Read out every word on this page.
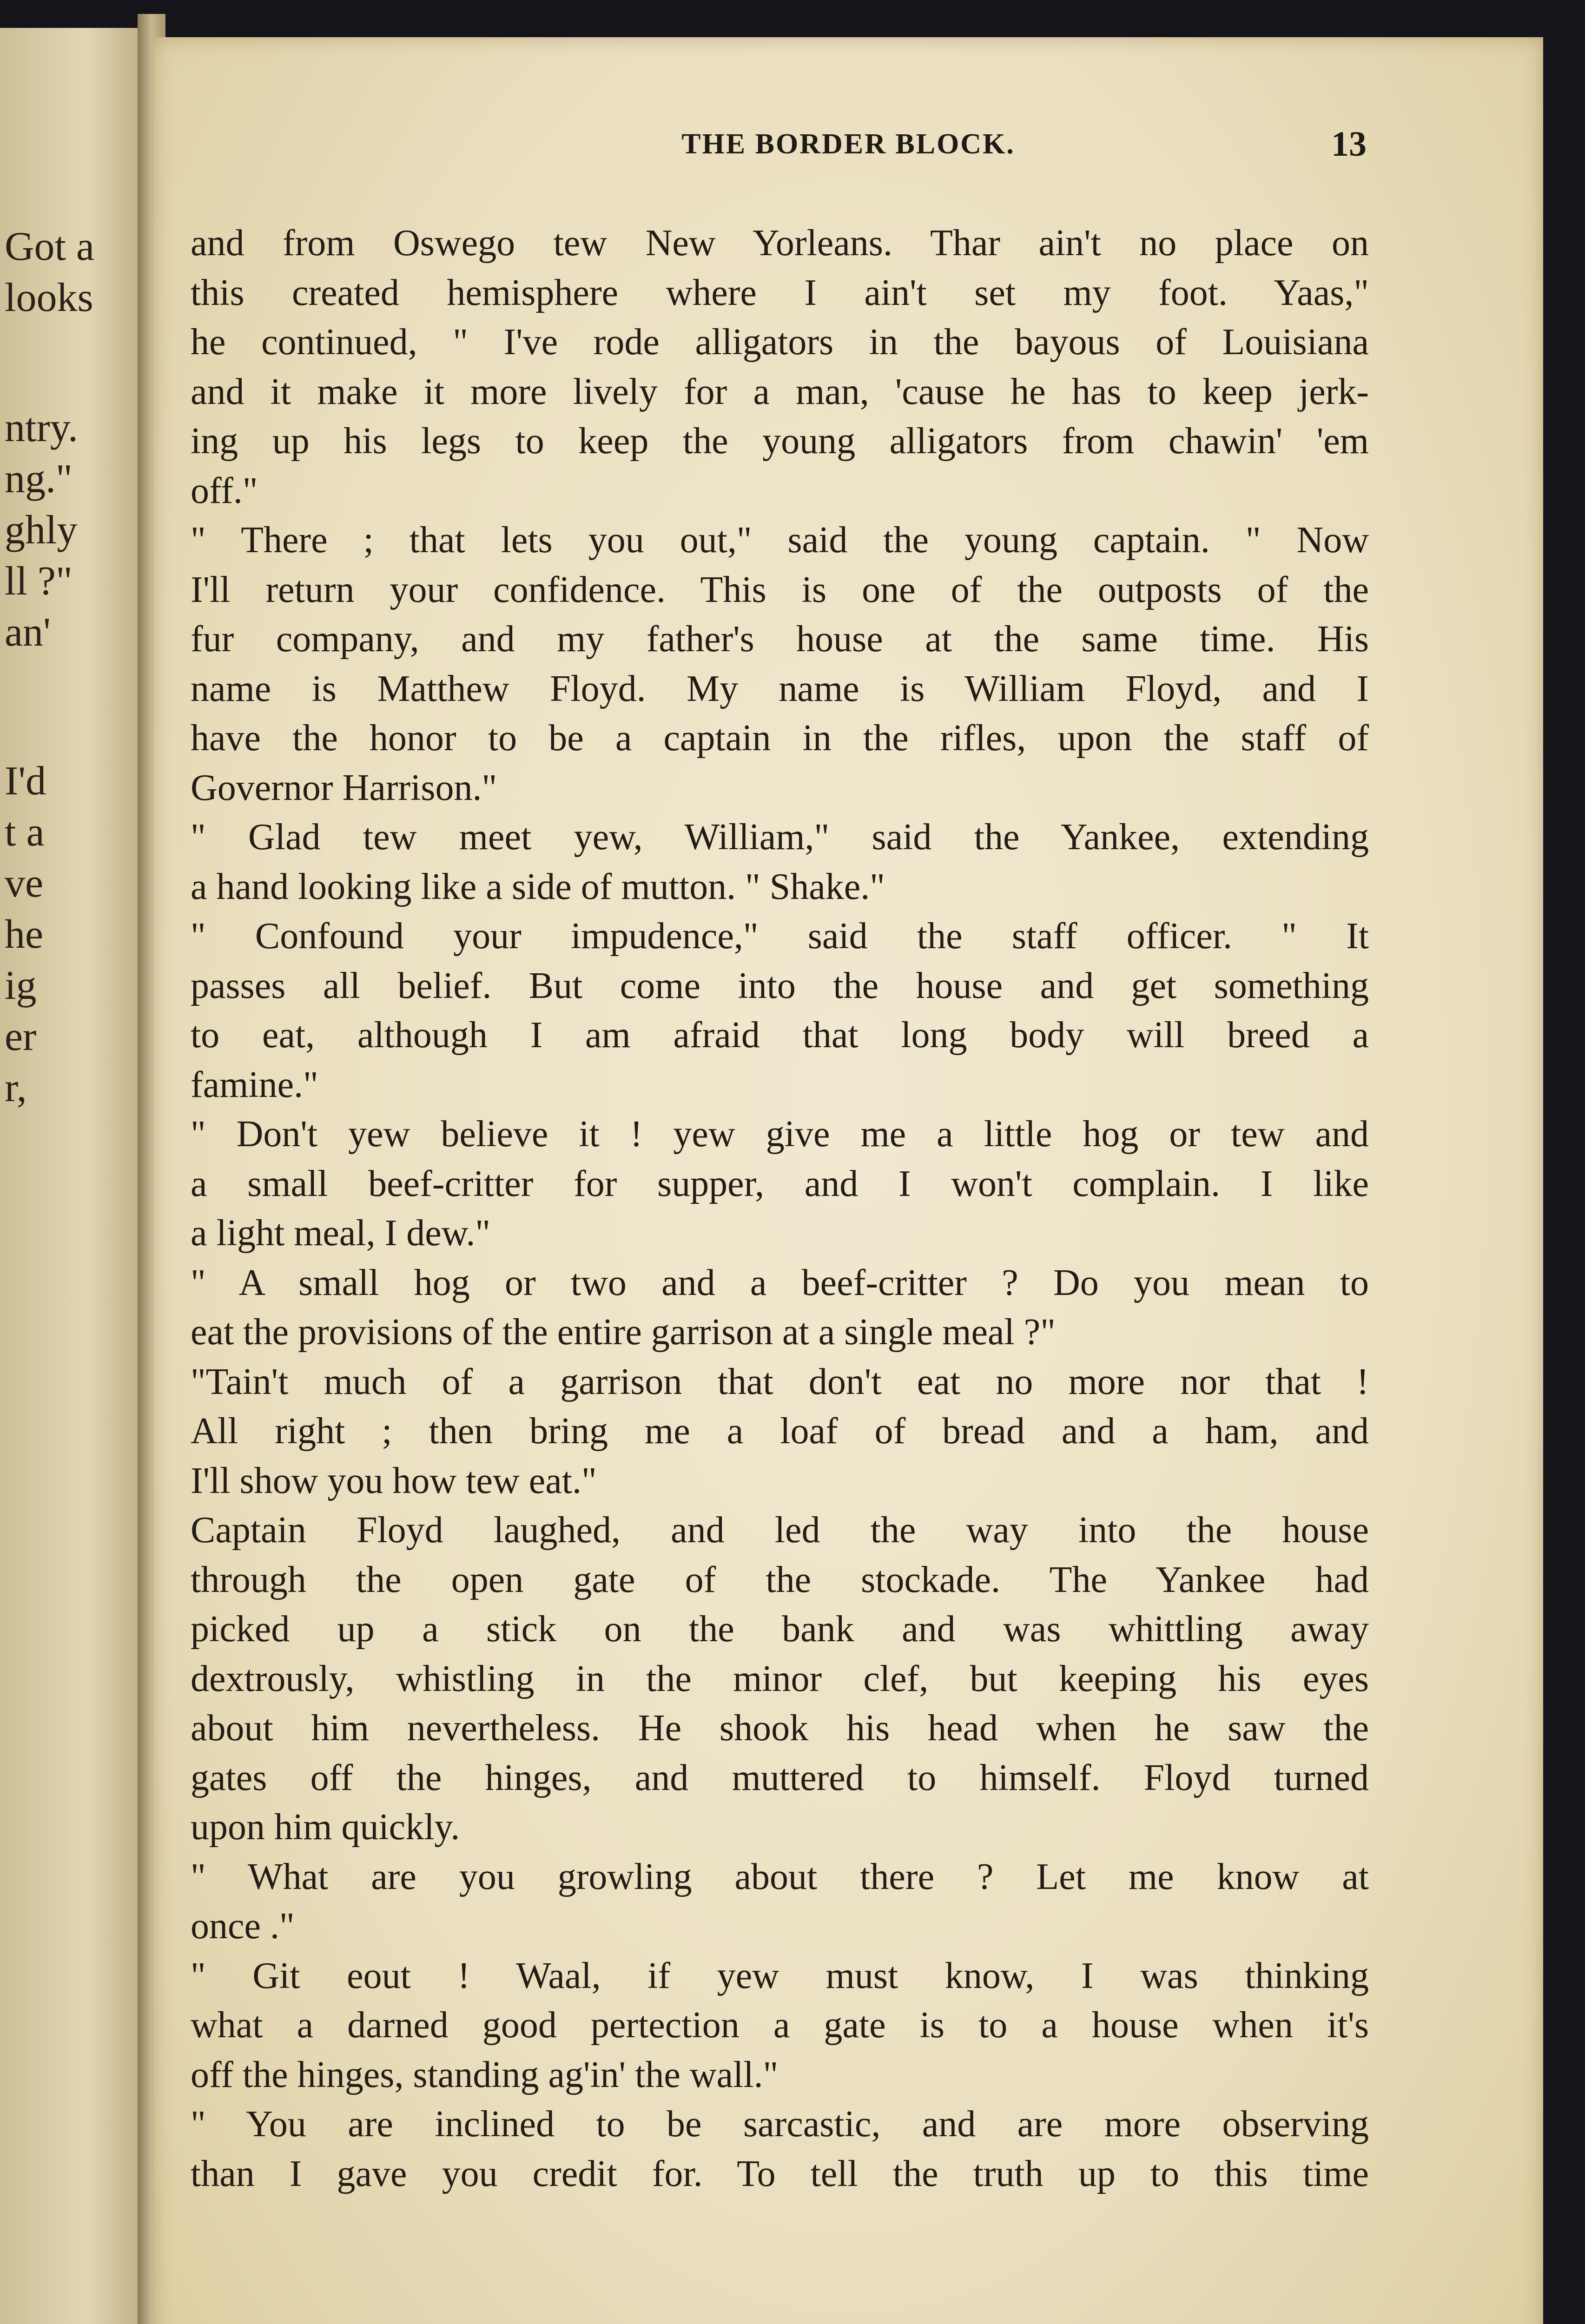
Got a
looks
ntry.
ng."
ghly
ll ?"
an'
I'd
t a
ve
he
ig
er
r,
THE BORDER BLOCK.	13
and from Oswego tew New Yorleans. Thar ain't no place on
this created hemisphere where I ain't set my foot. Yaas,"
he continued, " I've rode alligators in the bayous of Louisiana
and it make it more lively for a man, 'cause he has to keep jerk-
ing up his legs to keep the young alligators from chawin' 'em
off."
" There ; that lets you out," said the young captain. " Now
I'll return your confidence. This is one of the outposts of the
fur company, and my father's house at the same time. His
name is Matthew Floyd. My name is William Floyd, and I
have the honor to be a captain in the rifles, upon the staff of
Governor Harrison."
" Glad tew meet yew, William," said the Yankee, extending
a hand looking like a side of mutton. " Shake."
" Confound your impudence," said the staff officer. " It
passes all belief. But come into the house and get something
to eat, although I am afraid that long body will breed a
famine."
" Don't yew believe it ! yew give me a little hog or tew and
a small beef-critter for supper, and I won't complain. I like
a light meal, I dew."
" A small hog or two and a beef-critter ? Do you mean to
eat the provisions of the entire garrison at a single meal ?"
"Tain't much of a garrison that don't eat no more nor that !
All right ; then bring me a loaf of bread and a ham, and
I'll show you how tew eat."
Captain Floyd laughed, and led the way into the house
through the open gate of the stockade. The Yankee had
picked up a stick on the bank and was whittling away
dextrously, whistling in the minor clef, but keeping his eyes
about him nevertheless. He shook his head when he saw the
gates off the hinges, and muttered to himself. Floyd turned
upon him quickly.
" What are you growling about there ? Let me know at
once ."
" Git eout ! Waal, if yew must know, I was thinking
what a darned good pertection a gate is to a house when it's
off the hinges, standing ag'in' the wall."
" You are inclined to be sarcastic, and are more observing
than I gave you credit for. To tell the truth up to this time
